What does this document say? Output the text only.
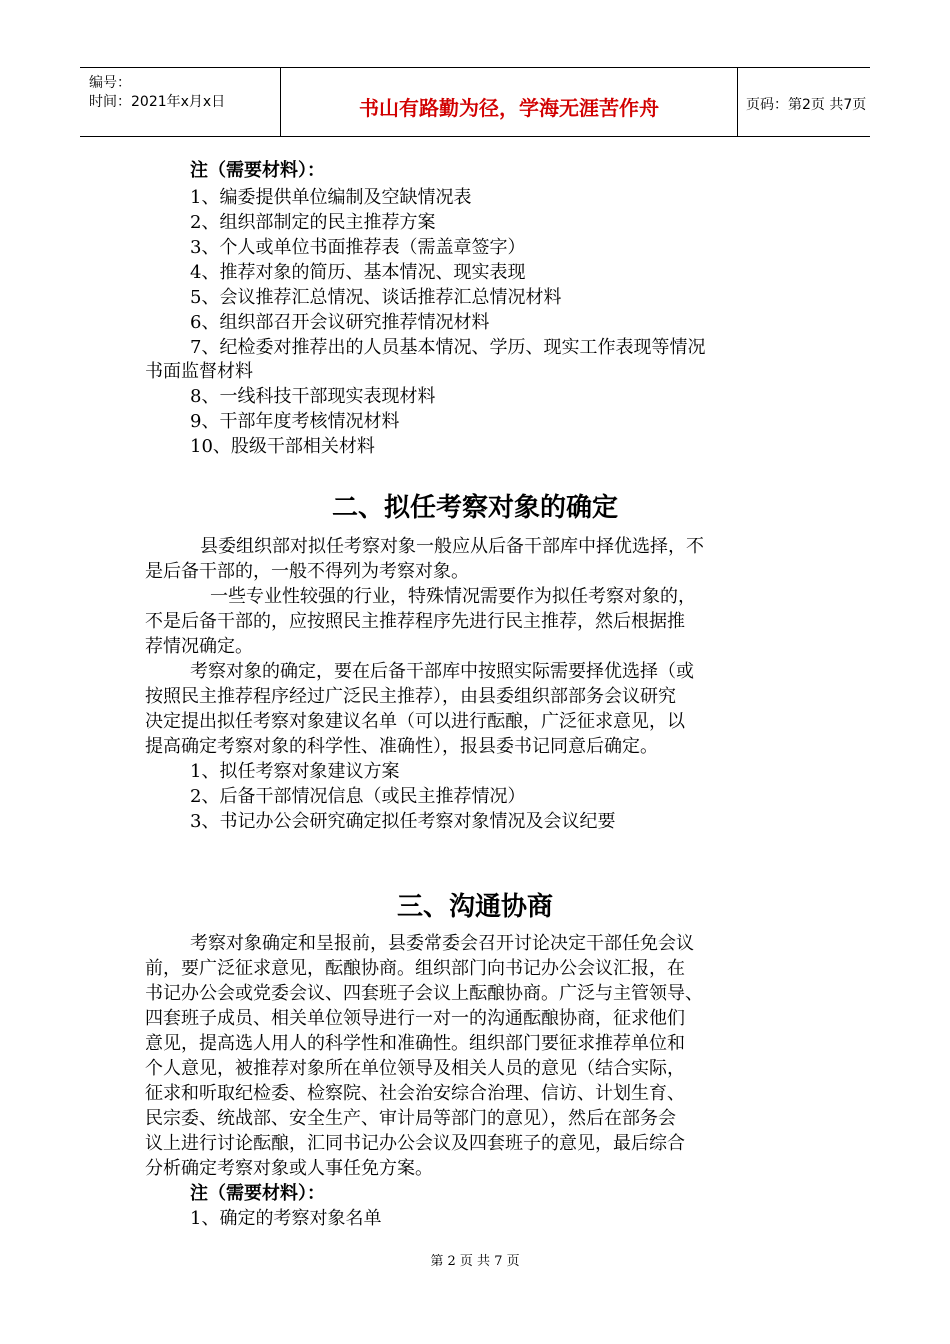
编号：
时间：2021年x月x日	书山有路勤为径，学海无涯苦作舟	页码：第2页 共7页
注（需要材料）：
1、编委提供单位编制及空缺情况表
2、组织部制定的民主推荐方案
3、个人或单位书面推荐表（需盖章签字）
4、推荐对象的简历、基本情况、现实表现
5、会议推荐汇总情况、谈话推荐汇总情况材料
6、组织部召开会议研究推荐情况材料
7、纪检委对推荐出的人员基本情况、学历、现实工作表现等情况
书面监督材料
8、一线科技干部现实表现材料
9、干部年度考核情况材料
10、股级干部相关材料
二、拟任考察对象的确定
县委组织部对拟任考察对象一般应从后备干部库中择优选择，不
是后备干部的，一般不得列为考察对象。
一些专业性较强的行业，特殊情况需要作为拟任考察对象的，
不是后备干部的，应按照民主推荐程序先进行民主推荐，然后根据推
荐情况确定。
考察对象的确定，要在后备干部库中按照实际需要择优选择（或
按照民主推荐程序经过广泛民主推荐），由县委组织部部务会议研究
决定提出拟任考察对象建议名单（可以进行酝酿，广泛征求意见，以
提高确定考察对象的科学性、准确性），报县委书记同意后确定。
1、拟任考察对象建议方案
2、后备干部情况信息（或民主推荐情况）
3、书记办公会研究确定拟任考察对象情况及会议纪要
三、沟通协商
考察对象确定和呈报前，县委常委会召开讨论决定干部任免会议
前，要广泛征求意见，酝酿协商。组织部门向书记办公会议汇报，在
书记办公会或党委会议、四套班子会议上酝酿协商。广泛与主管领导、
四套班子成员、相关单位领导进行一对一的沟通酝酿协商，征求他们
意见，提高选人用人的科学性和准确性。组织部门要征求推荐单位和
个人意见，被推荐对象所在单位领导及相关人员的意见（结合实际，
征求和听取纪检委、检察院、社会治安综合治理、信访、计划生育、
民宗委、统战部、安全生产、审计局等部门的意见），然后在部务会
议上进行讨论酝酿，汇同书记办公会议及四套班子的意见，最后综合
分析确定考察对象或人事任免方案。
注（需要材料）：
1、确定的考察对象名单
第 2 页 共 7 页
